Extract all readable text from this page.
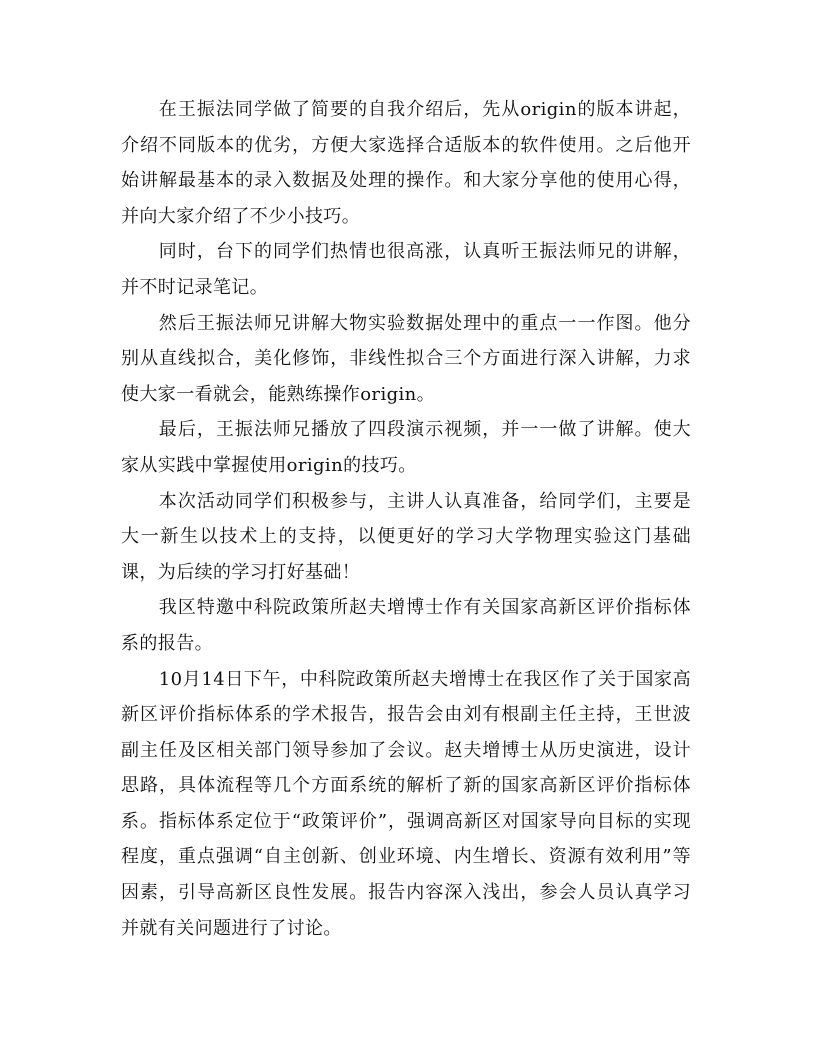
在王振法同学做了简要的自我介绍后，先从origin的版本讲起，介绍不同版本的优劣，方便大家选择合适版本的软件使用。之后他开始讲解最基本的录入数据及处理的操作。和大家分享他的使用心得，并向大家介绍了不少小技巧。

同时，台下的同学们热情也很高涨，认真听王振法师兄的讲解，并不时记录笔记。

然后王振法师兄讲解大物实验数据处理中的重点一一作图。他分别从直线拟合，美化修饰，非线性拟合三个方面进行深入讲解，力求使大家一看就会，能熟练操作origin。

最后，王振法师兄播放了四段演示视频，并一一做了讲解。使大家从实践中掌握使用origin的技巧。

本次活动同学们积极参与，主讲人认真准备，给同学们，主要是大一新生以技术上的支持，以便更好的学习大学物理实验这门基础课，为后续的学习打好基础！

我区特邀中科院政策所赵夫增博士作有关国家高新区评价指标体系的报告。

10月14日下午，中科院政策所赵夫增博士在我区作了关于国家高新区评价指标体系的学术报告，报告会由刘有根副主任主持，王世波副主任及区相关部门领导参加了会议。赵夫增博士从历史演进，设计思路，具体流程等几个方面系统的解析了新的国家高新区评价指标体系。指标体系定位于“政策评价”，强调高新区对国家导向目标的实现程度，重点强调“自主创新、创业环境、内生增长、资源有效利用”等因素，引导高新区良性发展。报告内容深入浅出，参会人员认真学习并就有关问题进行了讨论。
